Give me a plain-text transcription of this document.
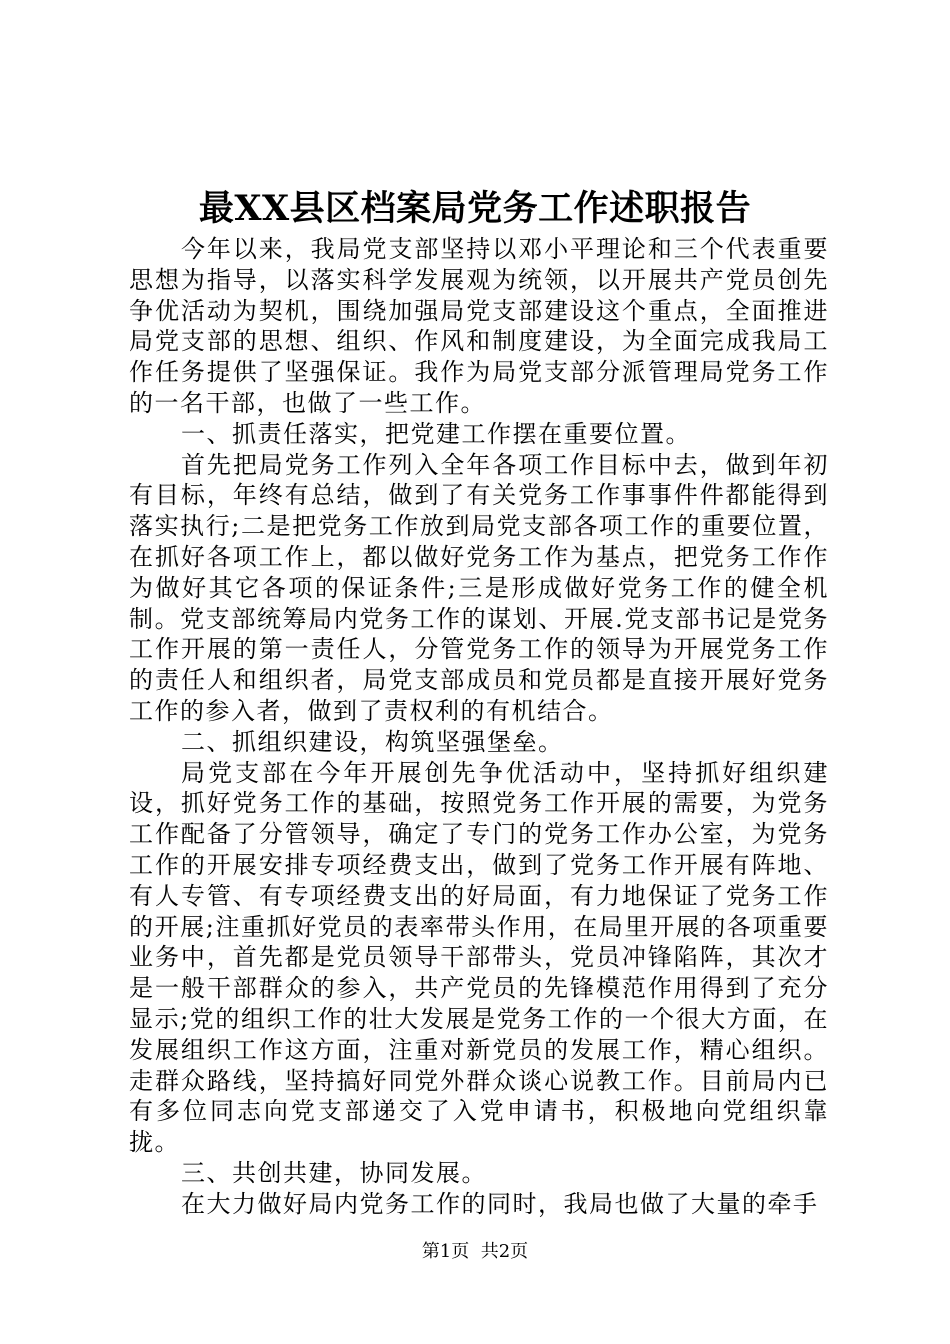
最XX县区档案局党务工作述职报告

今年以来，我局党支部坚持以邓小平理论和三个代表重要思想为指导，以落实科学发展观为统领，以开展共产党员创先争优活动为契机，围绕加强局党支部建设这个重点，全面推进局党支部的思想、组织、作风和制度建设，为全面完成我局工作任务提供了坚强保证。我作为局党支部分派管理局党务工作的一名干部，也做了一些工作。

一、抓责任落实，把党建工作摆在重要位置。

首先把局党务工作列入全年各项工作目标中去，做到年初有目标，年终有总结，做到了有关党务工作事事件件都能得到落实执行;二是把党务工作放到局党支部各项工作的重要位置，在抓好各项工作上，都以做好党务工作为基点，把党务工作作为做好其它各项的保证条件;三是形成做好党务工作的健全机制。党支部统筹局内党务工作的谋划、开展.党支部书记是党务工作开展的第一责任人，分管党务工作的领导为开展党务工作的责任人和组织者，局党支部成员和党员都是直接开展好党务工作的参入者，做到了责权利的有机结合。

二、抓组织建设，构筑坚强堡垒。

局党支部在今年开展创先争优活动中，坚持抓好组织建设，抓好党务工作的基础，按照党务工作开展的需要，为党务工作配备了分管领导，确定了专门的党务工作办公室，为党务工作的开展安排专项经费支出，做到了党务工作开展有阵地、有人专管、有专项经费支出的好局面，有力地保证了党务工作的开展;注重抓好党员的表率带头作用，在局里开展的各项重要业务中，首先都是党员领导干部带头，党员冲锋陷阵，其次才是一般干部群众的参入，共产党员的先锋模范作用得到了充分显示;党的组织工作的壮大发展是党务工作的一个很大方面，在发展组织工作这方面，注重对新党员的发展工作，精心组织。走群众路线，坚持搞好同党外群众谈心说教工作。目前局内已有多位同志向党支部递交了入党申请书，积极地向党组织靠拢。

三、共创共建，协同发展。

在大力做好局内党务工作的同时，我局也做了大量的牵手

第1页  共2页
